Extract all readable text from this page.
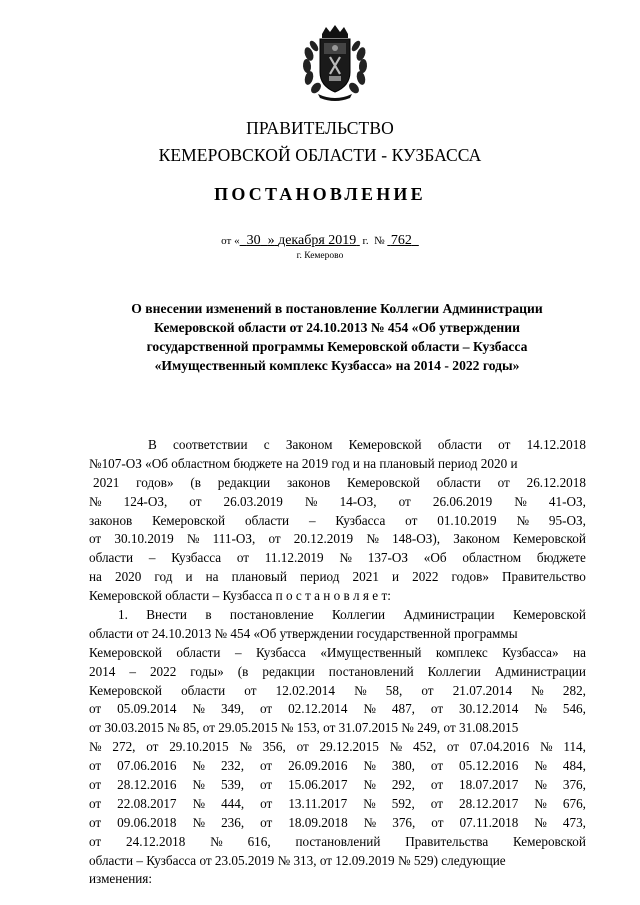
ПРАВИТЕЛЬСТВО
КЕМЕРОВСКОЙ ОБЛАСТИ - КУЗБАССА
ПОСТАНОВЛЕНИЕ
от « 30 » декабря 2019 г. № 762
г. Кемерово
О внесении изменений в постановление Коллегии Администрации
Кемеровской области от 24.10.2013 № 454 «Об утверждении
государственной программы Кемеровской области – Кузбасса
«Имущественный комплекс Кузбасса» на 2014 - 2022 годы»
В соответствии с Законом Кемеровской области от 14.12.2018
№107-ОЗ «Об областном бюджете на 2019 год и на плановый период 2020 и
2021 годов» (в редакции законов Кемеровской области от 26.12.2018
№ 124-ОЗ, от 26.03.2019 № 14-ОЗ, от 26.06.2019 № 41-ОЗ,
законов Кемеровской области – Кузбасса от 01.10.2019 № 95-ОЗ,
от 30.10.2019 № 111-ОЗ, от 20.12.2019 № 148-ОЗ), Законом Кемеровской
области – Кузбасса от 11.12.2019 № 137-ОЗ «Об областном бюджете
на 2020 год и на плановый период 2021 и 2022 годов» Правительство
Кемеровской области – Кузбасса п о с т а н о в л я е т:
1. Внести в постановление Коллегии Администрации Кемеровской
области от 24.10.2013 № 454 «Об утверждении государственной программы
Кемеровской области – Кузбасса «Имущественный комплекс Кузбасса» на
2014 – 2022 годы» (в редакции постановлений Коллегии Администрации
Кемеровской области от 12.02.2014 № 58, от 21.07.2014 № 282,
от 05.09.2014 № 349, от 02.12.2014 № 487, от 30.12.2014 № 546,
от 30.03.2015 № 85, от 29.05.2015 № 153, от 31.07.2015 № 249, от 31.08.2015
№ 272, от 29.10.2015 № 356, от 29.12.2015 № 452, от 07.04.2016 № 114,
от 07.06.2016 № 232, от 26.09.2016 № 380, от 05.12.2016 № 484,
от 28.12.2016 № 539, от 15.06.2017 № 292, от 18.07.2017 № 376,
от 22.08.2017 № 444, от 13.11.2017 № 592, от 28.12.2017 № 676,
от 09.06.2018 № 236, от 18.09.2018 № 376, от 07.11.2018 № 473,
от 24.12.2018 № 616, постановлений Правительства Кемеровской
области – Кузбасса от 23.05.2019 № 313, от 12.09.2019 № 529) следующие
изменения:
